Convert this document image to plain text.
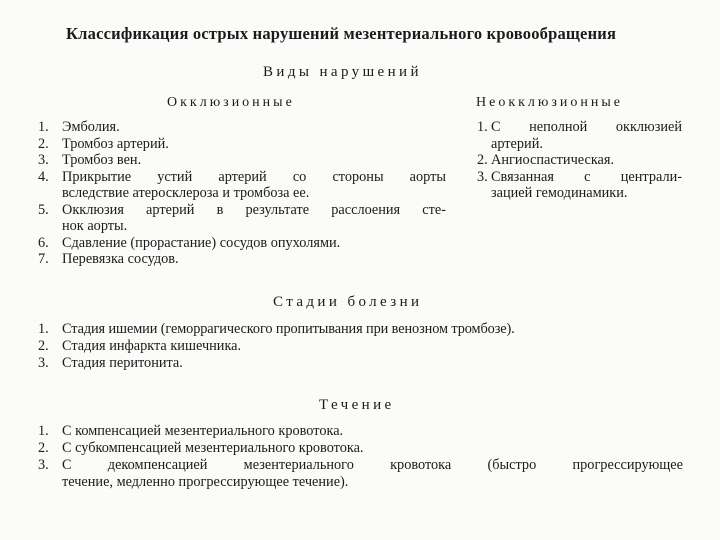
Классификация острых нарушений мезентериального кровообращения
Виды нарушений
Окклюзионные	Неокклюзионные
1. Эмболия.
2. Тромбоз артерий.
3. Тромбоз вен.
4. Прикрытие устий артерий со стороны аорты
вследствие атеросклероза и тромбоза ее.
5. Окклюзия артерий в результате расслоения сте-
нок аорты.
6. Сдавление (прорастание) сосудов опухолями.
7. Перевязка сосудов.
1. С неполной окклюзией
артерий.
2. Ангиоспастическая.
3. Связанная с централи-
зацией гемодинамики.
Стадии болезни
1. Стадия ишемии (геморрагического пропитывания при венозном тромбозе).
2. Стадия инфаркта кишечника.
3. Стадия перитонита.
Течение
1. С компенсацией мезентериального кровотока.
2. С субкомпенсацией мезентериального кровотока.
3. С декомпенсацией мезентериального кровотока (быстро прогрессирующее
течение, медленно прогрессирующее течение).
